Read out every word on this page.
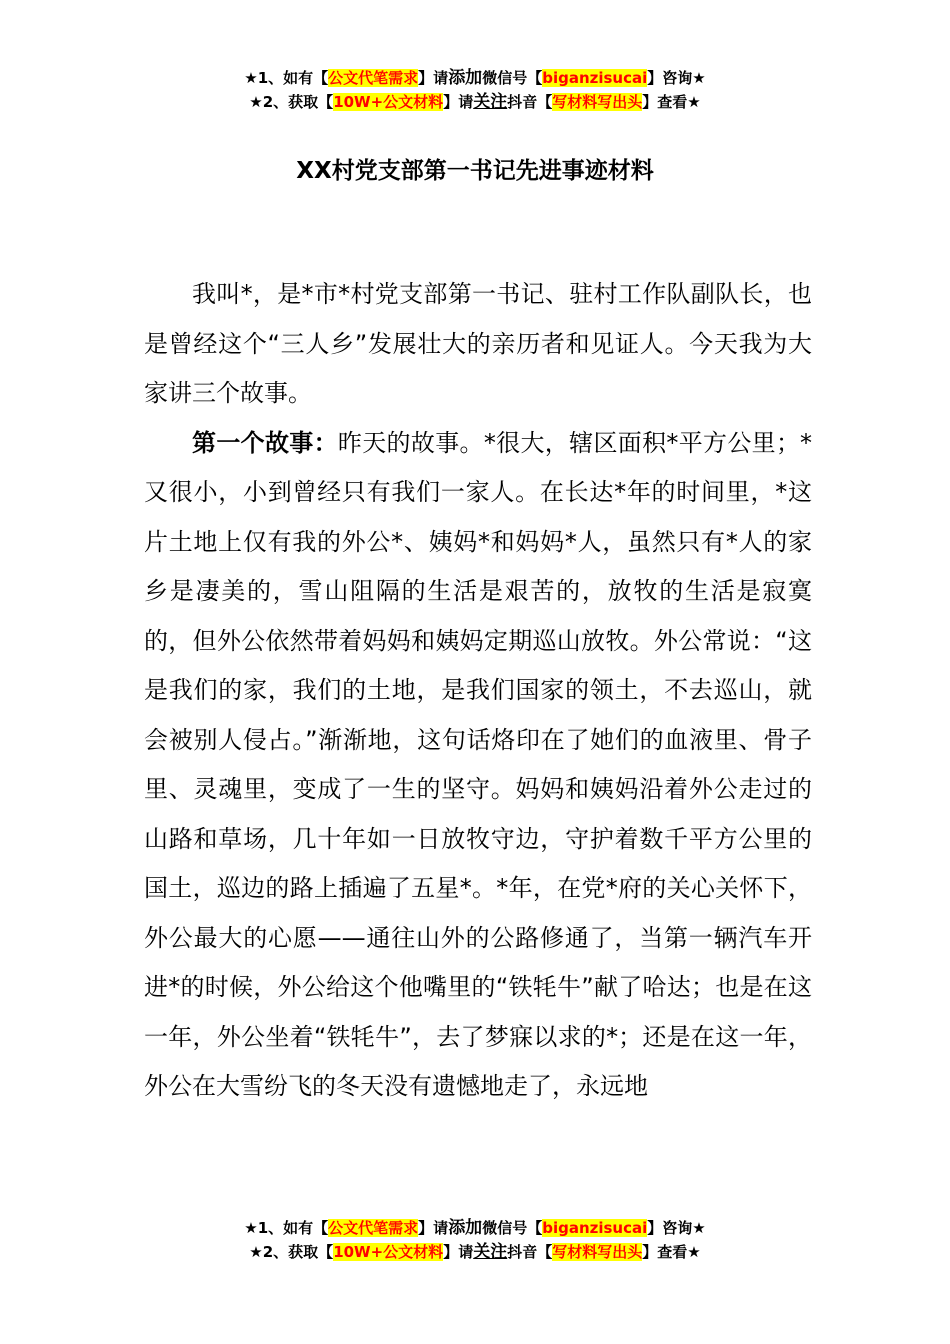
★1、如有【公文代笔需求】请添加微信号【biganzisucai】咨询★
★2、获取【10W+公文材料】请关注抖音【写材料写出头】查看★
XX村党支部第一书记先进事迹材料

我叫*，是*市*村党支部第一书记、驻村工作队副队长，也是曾经这个“三人乡”发展壮大的亲历者和见证人。今天我为大家讲三个故事。

第一个故事：昨天的故事。*很大，辖区面积*平方公里；*又很小，小到曾经只有我们一家人。在长达*年的时间里，*这片土地上仅有我的外公*、姨妈*和妈妈*人，虽然只有*人的家乡是凄美的，雪山阻隔的生活是艰苦的，放牧的生活是寂寞的，但外公依然带着妈妈和姨妈定期巡山放牧。外公常说：“这是我们的家，我们的土地，是我们国家的领土，不去巡山，就会被别人侵占。”渐渐地，这句话烙印在了她们的血液里、骨子里、灵魂里，变成了一生的坚守。妈妈和姨妈沿着外公走过的山路和草场，几十年如一日放牧守边，守护着数千平方公里的国土，巡边的路上插遍了五星*。*年，在党*府的关心关怀下，外公最大的心愿——通往山外的公路修通了，当第一辆汽车开进*的时候，外公给这个他嘴里的“铁牦牛”献了哈达；也是在这一年，外公坐着“铁牦牛”，去了梦寐以求的*；还是在这一年，外公在大雪纷飞的冬天没有遗憾地走了，永远地

★1、如有【公文代笔需求】请添加微信号【biganzisucai】咨询★
★2、获取【10W+公文材料】请关注抖音【写材料写出头】查看★
